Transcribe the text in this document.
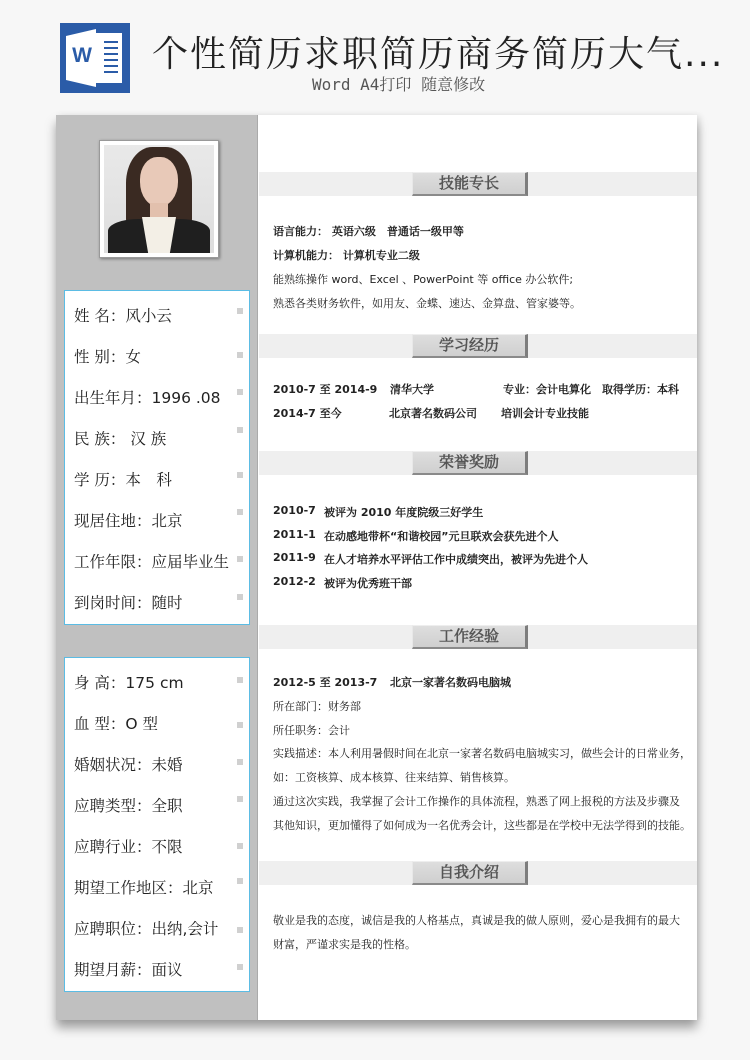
W 个性简历求职简历商务简历大气...
Word A4打印 随意修改
姓 名：风小云
性 别：女
出生年月：1996 .08
民 族： 汉 族
学 历：本　科
现居住地：北京
工作年限：应届毕业生
到岗时间：随时
身 高：175 cm
血 型：O 型
婚姻状况：未婚
应聘类型：全职
应聘行业：不限
期望工作地区：北京
应聘职位：出纳,会计
期望月薪：面议
技能专长
语言能力： 英语六级　普通话一级甲等
计算机能力： 计算机专业二级
能熟练操作 word、Excel 、PowerPoint 等 office 办公软件;
熟悉各类财务软件，如用友、金蝶、速达、金算盘、管家婆等。
学习经历
2010-7 至 2014-9 清华大学	专业：会计电算化　取得学历：本科
2014-7 至今	北京著名数码公司 培训会计专业技能
荣誉奖励
2010-7 被评为 2010 年度院级三好学生
2011-1 在动感地带杯“和谐校园”元旦联欢会获先进个人
2011-9 在人才培养水平评估工作中成绩突出，被评为先进个人
2012-2 被评为优秀班干部
工作经验
2012-5 至 2013-7 北京一家著名数码电脑城
所在部门：财务部
所任职务：会计
实践描述：本人利用暑假时间在北京一家著名数码电脑城实习，做些会计的日常业务，
如：工资核算、成本核算、往来结算、销售核算。
通过这次实践，我掌握了会计工作操作的具体流程，熟悉了网上报税的方法及步骤及
其他知识，更加懂得了如何成为一名优秀会计，这些都是在学校中无法学得到的技能。
自我介绍
敬业是我的态度，诚信是我的人格基点，真诚是我的做人原则，爱心是我拥有的最大
财富，严谨求实是我的性格。
